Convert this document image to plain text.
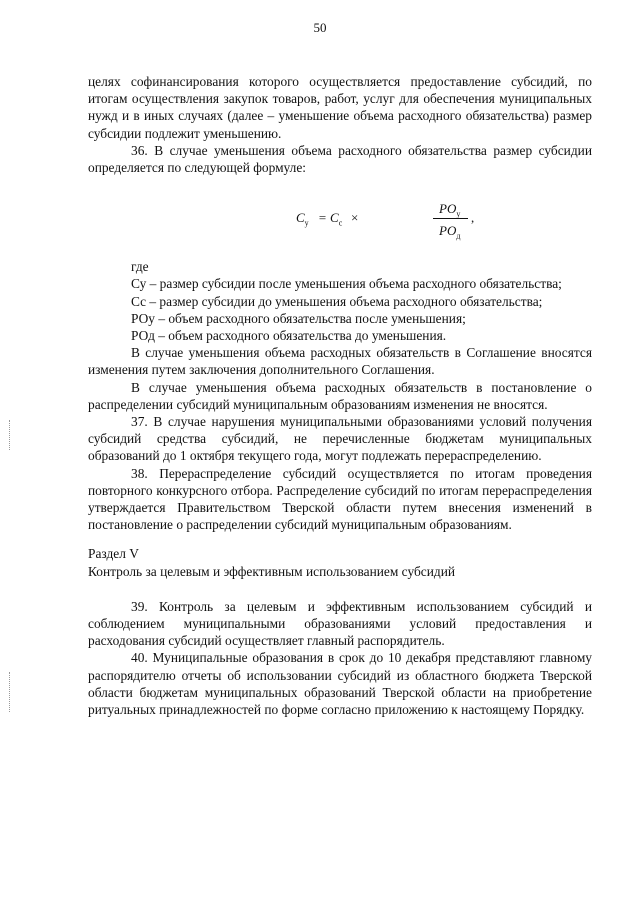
50

целях софинансирования которого осуществляется предоставление субсидий, по итогам осуществления закупок товаров, работ, услуг для обеспечения муниципальных нужд и в иных случаях (далее – уменьшение объема расходного обязательства) размер субсидии подлежит уменьшению.

36. В случае уменьшения объема расходного обязательства размер субсидии определяется по следующей формуле:

$C_у = C_с$ ×
$PO_у$
$PO_д$
,

где

Су – размер субсидии после уменьшения объема расходного обязательства;

Сс – размер субсидии до уменьшения объема расходного обязательства;

РОу – объем расходного обязательства после уменьшения;

РОд – объем расходного обязательства до уменьшения.

В случае уменьшения объема расходных обязательств в Соглашение вносятся изменения путем заключения дополнительного Соглашения.

В случае уменьшения объема расходных обязательств в постановление о распределении субсидий муниципальным образованиям изменения не вносятся.

37. В случае нарушения муниципальными образованиями условий получения субсидий средства субсидий, не перечисленные бюджетам муниципальных образований до 1 октября текущего года, могут подлежать перераспределению.

38. Перераспределение субсидий осуществляется по итогам проведения повторного конкурсного отбора. Распределение субсидий по итогам перераспределения утверждается Правительством Тверской области путем внесения изменений в постановление о распределении субсидий муниципальным образованиям.

Раздел V

Контроль за целевым и эффективным использованием субсидий

39. Контроль за целевым и эффективным использованием субсидий и соблюдением муниципальными образованиями условий предоставления и расходования субсидий осуществляет главный распорядитель.

40. Муниципальные образования в срок до 10 декабря представляют главному распорядителю отчеты об использовании субсидий из областного бюджета Тверской области бюджетам муниципальных образований Тверской области на приобретение ритуальных принадлежностей по форме согласно приложению к настоящему Порядку.
